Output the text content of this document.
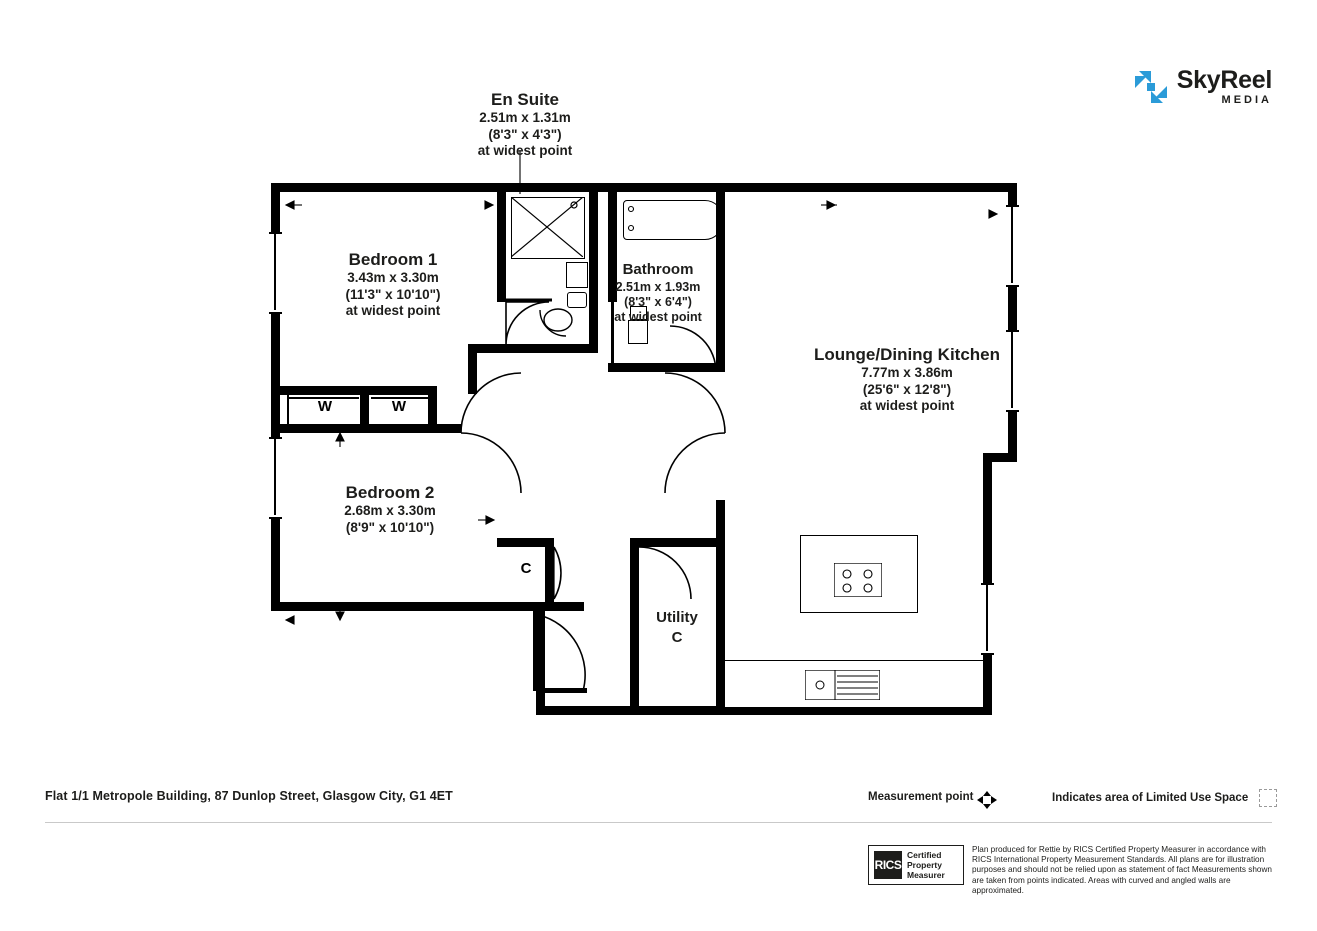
SkyReel
MEDIA
En Suite
2.51m x 1.31m
(8'3" x 4'3")
at widest point
Bedroom 1
3.43m x 3.30m
(11'3" x 10'10")
at widest point
Bathroom
2.51m x 1.93m
(8'3" x 6'4")
at widest point
Lounge/Dining Kitchen
7.77m x 3.86m
(25'6" x 12'8")
at widest point
Bedroom 2
2.68m x 3.30m
(8'9" x 10'10")
Utility
C
W	W
C
Flat 1/1 Metropole Building, 87 Dunlop Street, Glasgow City, G1 4ET	Measurement point	Indicates area of Limited Use Space
RICS
Certified
Property
Measurer
Plan produced for Rettie by RICS Certified Property Measurer in accordance with RICS International Property Measurement Standards. All plans are for illustration purposes and should not be relied upon as statement of fact Measurements shown are taken from points indicated. Areas with curved and angled walls are approximated.
